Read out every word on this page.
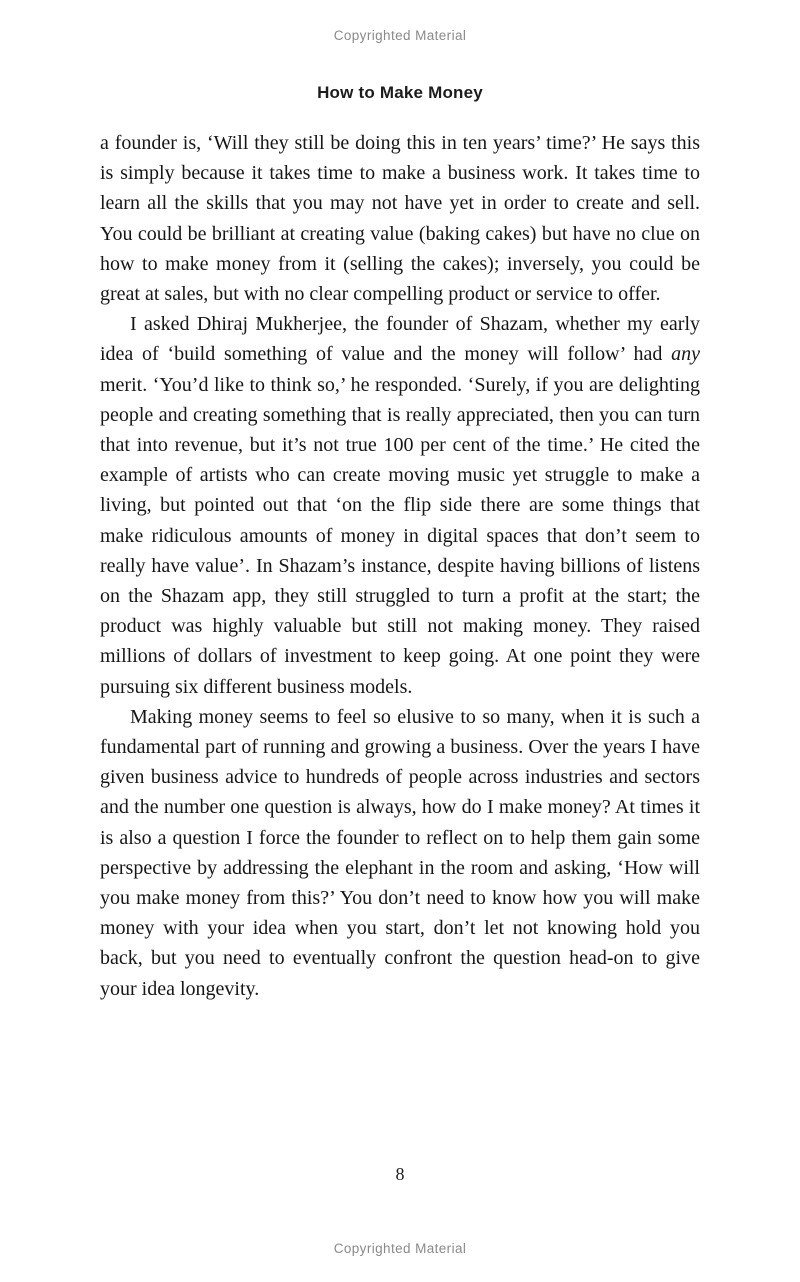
Copyrighted Material
How to Make Money

a founder is, ‘Will they still be doing this in ten years’ time?’ He says this is simply because it takes time to make a business work. It takes time to learn all the skills that you may not have yet in order to create and sell. You could be brilliant at creating value (baking cakes) but have no clue on how to make money from it (selling the cakes); inversely, you could be great at sales, but with no clear compelling product or service to offer.

I asked Dhiraj Mukherjee, the founder of Shazam, whether my early idea of ‘build something of value and the money will follow’ had any merit. ‘You’d like to think so,’ he responded. ‘Surely, if you are delighting people and creating something that is really appreciated, then you can turn that into revenue, but it’s not true 100 per cent of the time.’ He cited the example of artists who can create moving music yet struggle to make a living, but pointed out that ‘on the flip side there are some things that make ridiculous amounts of money in digital spaces that don’t seem to really have value’. In Shazam’s instance, despite having billions of listens on the Shazam app, they still struggled to turn a profit at the start; the product was highly valuable but still not making money. They raised millions of dollars of investment to keep going. At one point they were pursuing six different business models.

Making money seems to feel so elusive to so many, when it is such a fundamental part of running and growing a business. Over the years I have given business advice to hundreds of people across industries and sectors and the number one question is always, how do I make money? At times it is also a question I force the founder to reflect on to help them gain some perspective by addressing the elephant in the room and asking, ‘How will you make money from this?’ You don’t need to know how you will make money with your idea when you start, don’t let not knowing hold you back, but you need to eventually confront the question head-on to give your idea longevity.

8
Copyrighted Material
